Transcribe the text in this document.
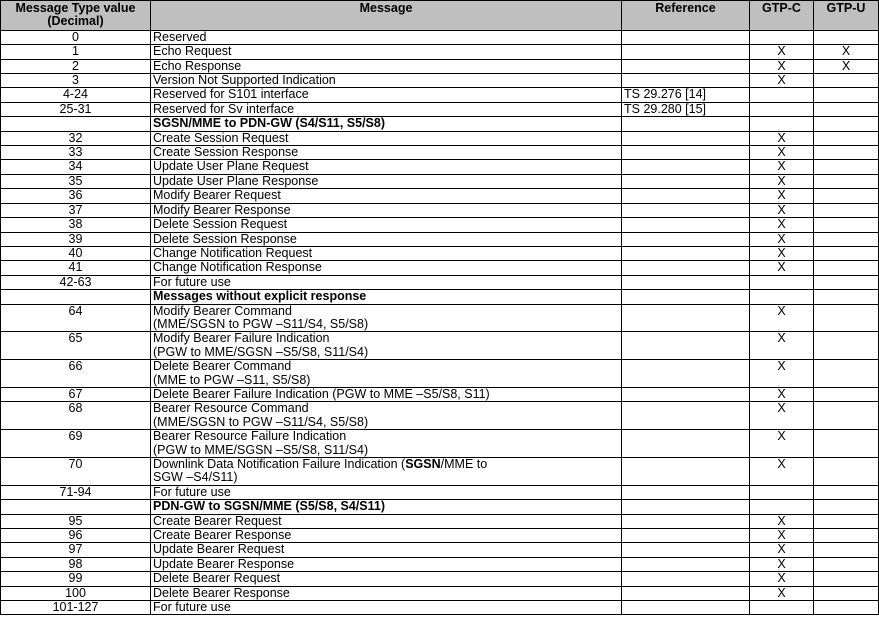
Message Type value (Decimal)	Message	Reference	GTP-C	GTP-U
0	Reserved			
1	Echo Request		X	X
2	Echo Response		X	X
3	Version Not Supported Indication		X	
4-24	Reserved for S101 interface	TS 29.276 [14]		
25-31	Reserved for Sv interface	TS 29.280 [15]		
	SGSN/MME to PDN-GW (S4/S11, S5/S8)			
32	Create Session Request		X	
33	Create Session Response		X	
34	Update User Plane Request		X	
35	Update User Plane Response		X	
36	Modify Bearer Request		X	
37	Modify Bearer Response		X	
38	Delete Session Request		X	
39	Delete Session Response		X	
40	Change Notification Request		X	
41	Change Notification Response		X	
42-63	For future use			
	Messages without explicit response			
64	Modify Bearer Command
(MME/SGSN to PGW –S11/S4, S5/S8)		X	
65	Modify Bearer Failure Indication
(PGW to MME/SGSN –S5/S8, S11/S4)		X	
66	Delete Bearer Command
(MME to PGW –S11, S5/S8)		X	
67	Delete Bearer Failure Indication (PGW to MME –S5/S8, S11)		X	
68	Bearer Resource Command
(MME/SGSN to PGW –S11/S4, S5/S8)		X	
69	Bearer Resource Failure Indication
(PGW to MME/SGSN –S5/S8, S11/S4)		X	
70	Downlink Data Notification Failure Indication (SGSN/MME to
SGW –S4/S11)		X	
71-94	For future use			
	PDN-GW to SGSN/MME (S5/S8, S4/S11)			
95	Create Bearer Request		X	
96	Create Bearer Response		X	
97	Update Bearer Request		X	
98	Update Bearer Response		X	
99	Delete Bearer Request		X	
100	Delete Bearer Response		X	
101-127	For future use			
